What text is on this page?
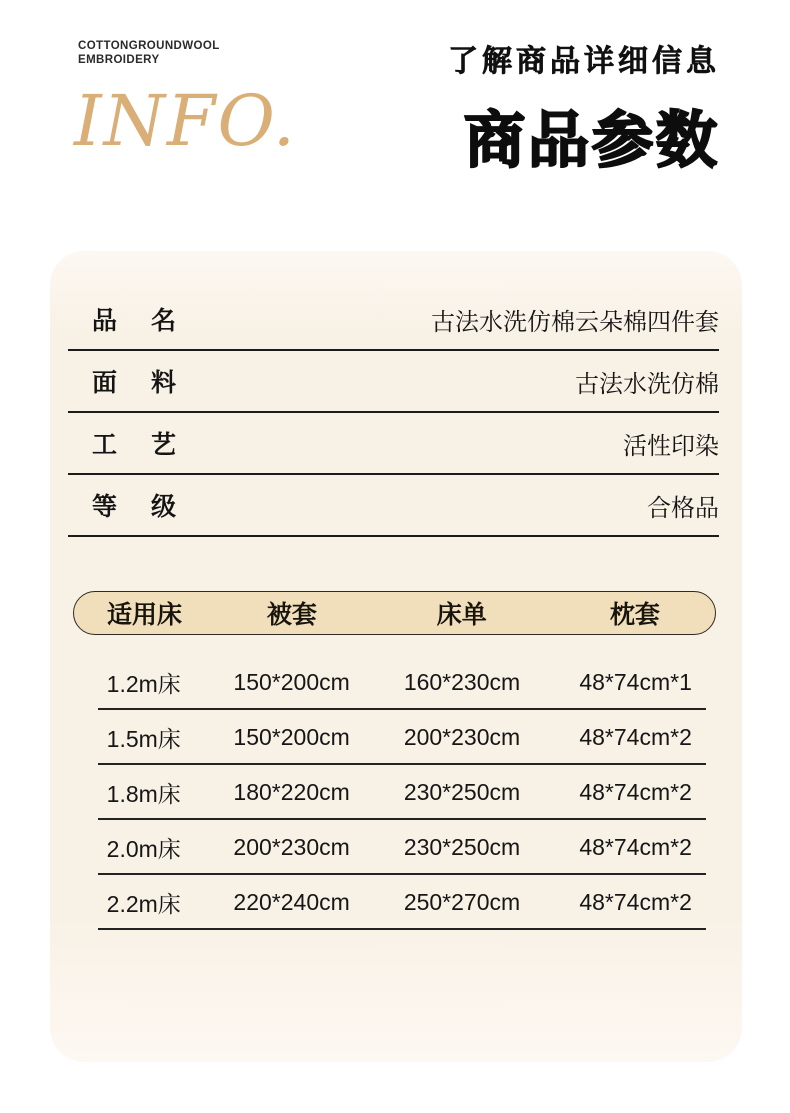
COTTONGROUNDWOOL
EMBROIDERY
INFO.
了解商品详细信息
商品参数
品 名	古法水洗仿棉云朵棉四件套
面 料	古法水洗仿棉
工 艺	活性印染
等 级	合格品
适用床	被套	床单	枕套
1.2m床	150*200cm	160*230cm	48*74cm*1
1.5m床	150*200cm	200*230cm	48*74cm*2
1.8m床	180*220cm	230*250cm	48*74cm*2
2.0m床	200*230cm	230*250cm	48*74cm*2
2.2m床	220*240cm	250*270cm	48*74cm*2
